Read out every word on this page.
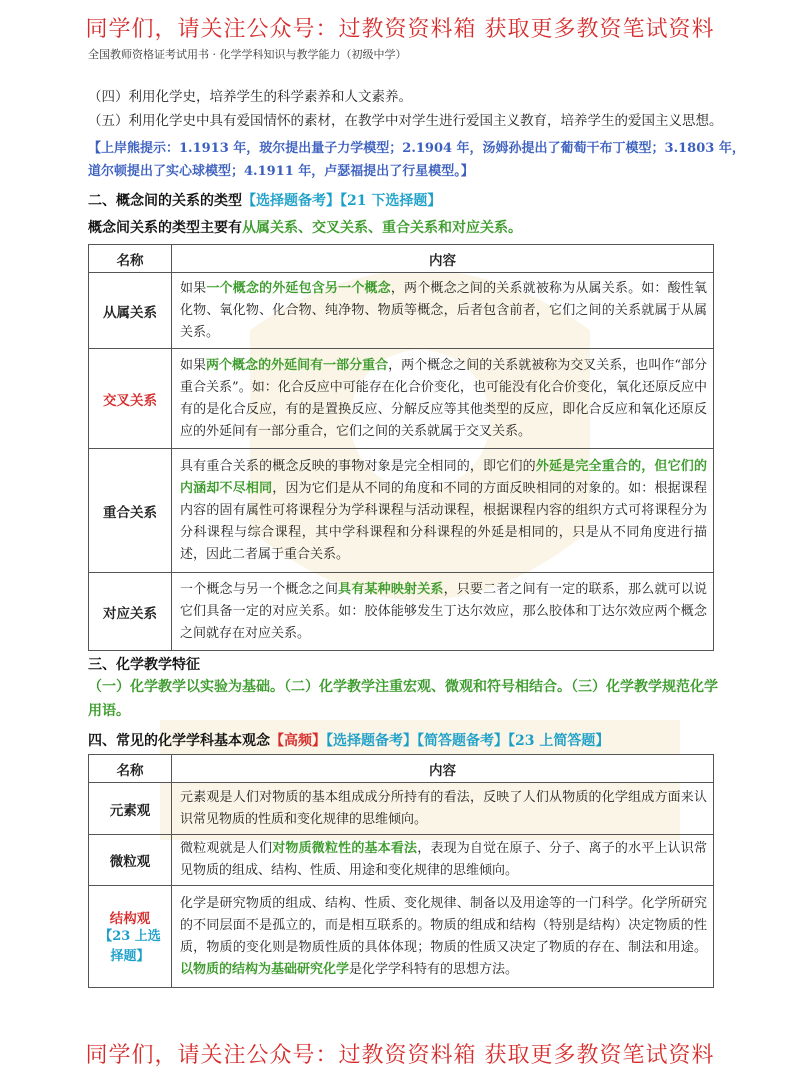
同学们，请关注公众号：过教资资料箱 获取更多教资笔试资料
全国教师资格证考试用书 · 化学学科知识与教学能力（初级中学）
（四）利用化学史，培养学生的科学素养和人文素养。
（五）利用化学史中具有爱国情怀的素材，在教学中对学生进行爱国主义教育，培养学生的爱国主义思想。
【上岸熊提示：1.1913 年，玻尔提出量子力学模型；2.1904 年，汤姆孙提出了葡萄干布丁模型；3.1803 年，
道尔顿提出了实心球模型；4.1911 年，卢瑟福提出了行星模型。】
二、概念间的关系的类型【选择题备考】【21 下选择题】
概念间关系的类型主要有从属关系、交叉关系、重合关系和对应关系。
名称	内容
从属关系	如果一个概念的外延包含另一个概念，两个概念之间的关系就被称为从属关系。如：酸性氧化物、氧化物、化合物、纯净物、物质等概念，后者包含前者，它们之间的关系就属于从属关系。
交叉关系	如果两个概念的外延间有一部分重合，两个概念之间的关系就被称为交叉关系，也叫作“部分重合关系”。如：化合反应中可能存在化合价变化，也可能没有化合价变化，氧化还原反应中有的是化合反应，有的是置换反应、分解反应等其他类型的反应，即化合反应和氧化还原反应的外延间有一部分重合，它们之间的关系就属于交叉关系。
重合关系	具有重合关系的概念反映的事物对象是完全相同的，即它们的外延是完全重合的，但它们的内涵却不尽相同，因为它们是从不同的角度和不同的方面反映相同的对象的。如：根据课程内容的固有属性可将课程分为学科课程与活动课程，根据课程内容的组织方式可将课程分为分科课程与综合课程，其中学科课程和分科课程的外延是相同的，只是从不同角度进行描述，因此二者属于重合关系。
对应关系	一个概念与另一个概念之间具有某种映射关系，只要二者之间有一定的联系，那么就可以说它们具备一定的对应关系。如：胶体能够发生丁达尔效应，那么胶体和丁达尔效应两个概念之间就存在对应关系。
三、化学教学特征
（一）化学教学以实验为基础。（二）化学教学注重宏观、微观和符号相结合。（三）化学教学规范化学
用语。
四、常见的化学学科基本观念【高频】【选择题备考】【简答题备考】【23 上简答题】
名称	内容
元素观	元素观是人们对物质的基本组成成分所持有的看法，反映了人们从物质的化学组成方面来认识常见物质的性质和变化规律的思维倾向。
微粒观	微粒观就是人们对物质微粒性的基本看法，表现为自觉在原子、分子、离子的水平上认识常见物质的组成、结构、性质、用途和变化规律的思维倾向。

结构观
【23 上选择题】	化学是研究物质的组成、结构、性质、变化规律、制备以及用途等的一门科学。化学所研究的不同层面不是孤立的，而是相互联系的。物质的组成和结构（特别是结构）决定物质的性质，物质的变化则是物质性质的具体体现；物质的性质又决定了物质的存在、制法和用途。以物质的结构为基础研究化学是化学学科特有的思想方法。
同学们，请关注公众号：过教资资料箱 获取更多教资笔试资料
